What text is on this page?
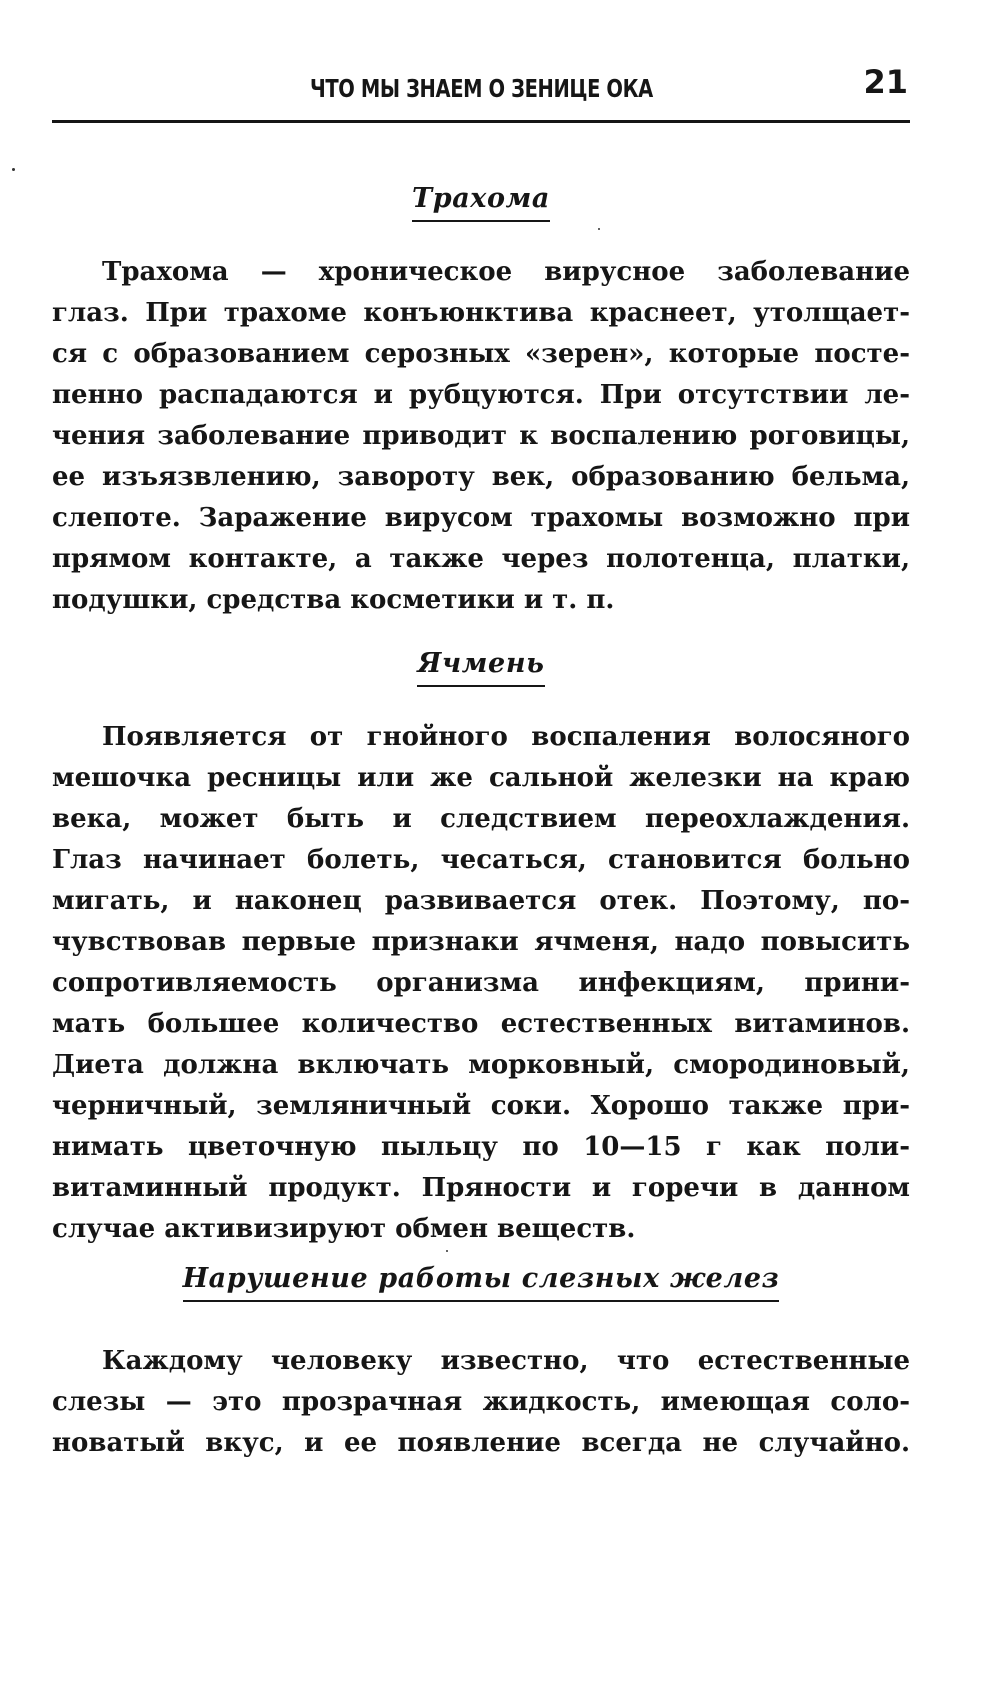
ЧТО МЫ ЗНАЕМ О ЗЕНИЦЕ ОКА	21
Трахома
Трахома — хроническое вирусное заболевание
глаз. При трахоме конъюнктива краснеет, утолщает-
ся с образованием серозных «зерен», которые посте-
пенно распадаются и рубцуются. При отсутствии ле-
чения заболевание приводит к воспалению роговицы,
ее изъязвлению, завороту век, образованию бельма,
слепоте. Заражение вирусом трахомы возможно при
прямом контакте, а также через полотенца, платки,
подушки, средства косметики и т. п.
Ячмень
Появляется от гнойного воспаления волосяного
мешочка ресницы или же сальной железки на краю
века, может быть и следствием переохлаждения.
Глаз начинает болеть, чесаться, становится больно
мигать, и наконец развивается отек. Поэтому, по-
чувствовав первые признаки ячменя, надо повысить
сопротивляемость организма инфекциям, прини-
мать большее количество естественных витаминов.
Диета должна включать морковный, смородиновый,
черничный, земляничный соки. Хорошо также при-
нимать цветочную пыльцу по 10—15 г как поли-
витаминный продукт. Пряности и горечи в данном
случае активизируют обмен веществ.
Нарушение работы слезных желез
Каждому человеку известно, что естественные
слезы — это прозрачная жидкость, имеющая соло-
новатый вкус, и ее появление всегда не случайно.
